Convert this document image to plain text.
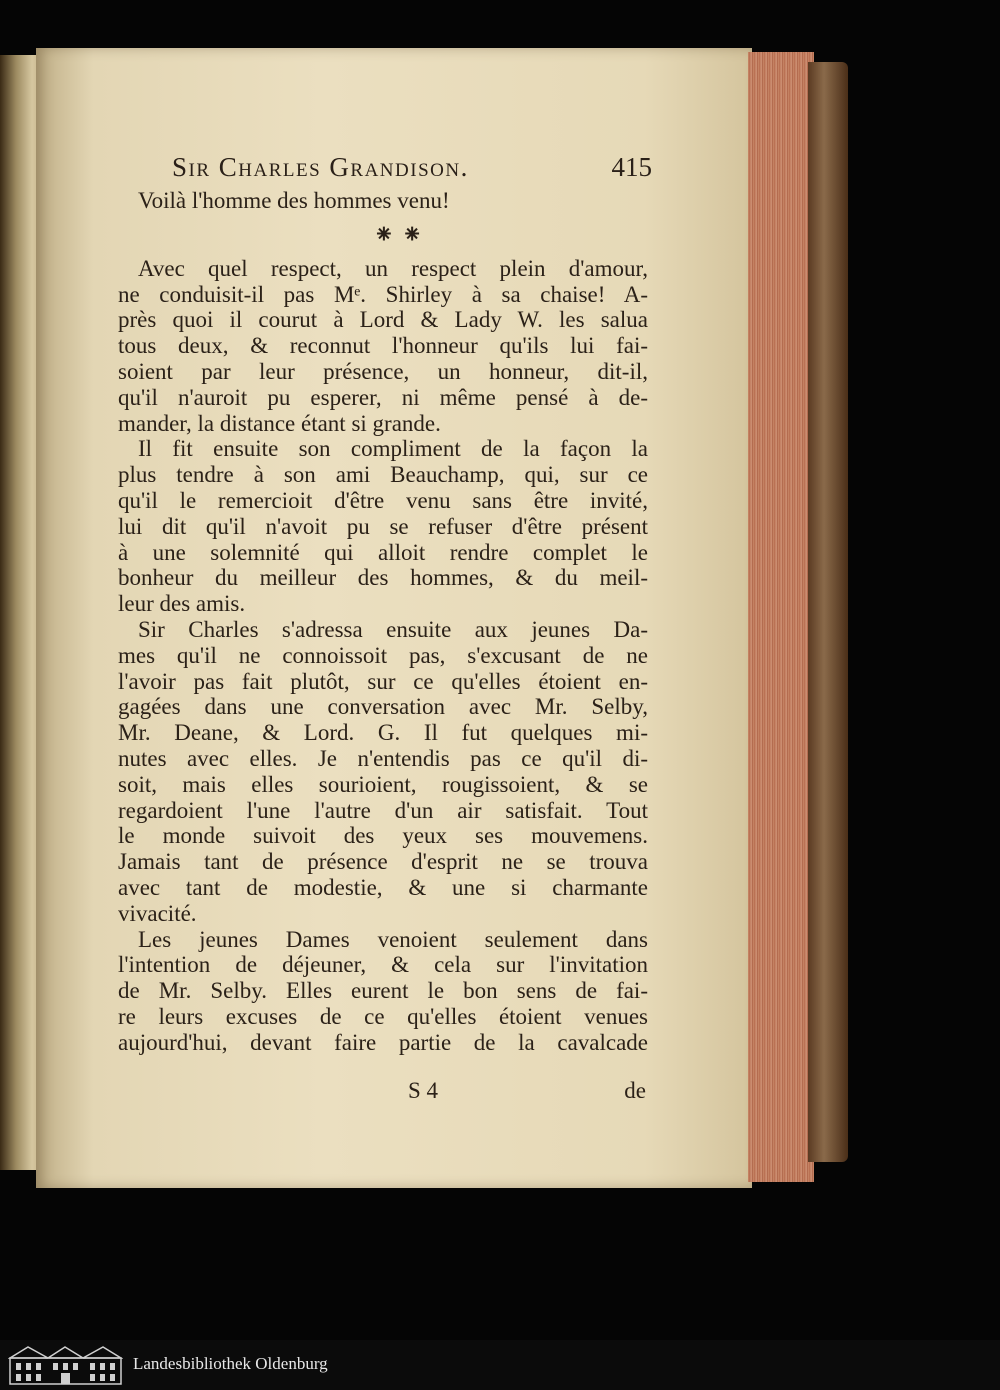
Sir Charles Grandison.	415
Voilà l'homme des hommes venu!
⁕ ⁕
Avec quel respect, un respect plein d'amour,
ne conduisit-il pas Mᵉ. Shirley à sa chaise! A-
près quoi il courut à Lord & Lady W. les salua
tous deux, & reconnut l'honneur qu'ils lui fai-
soient par leur présence, un honneur, dit-il,
qu'il n'auroit pu esperer, ni même pensé à de-
mander, la distance étant si grande.
Il fit ensuite son compliment de la façon la
plus tendre à son ami Beauchamp, qui, sur ce
qu'il le remercioit d'être venu sans être invité,
lui dit qu'il n'avoit pu se refuser d'être présent
à une solemnité qui alloit rendre complet le
bonheur du meilleur des hommes, & du meil-
leur des amis.
Sir Charles s'adressa ensuite aux jeunes Da-
mes qu'il ne connoissoit pas, s'excusant de ne
l'avoir pas fait plutôt, sur ce qu'elles étoient en-
gagées dans une conversation avec Mr. Selby,
Mr. Deane, & Lord. G. Il fut quelques mi-
nutes avec elles. Je n'entendis pas ce qu'il di-
soit, mais elles sourioient, rougissoient, & se
regardoient l'une l'autre d'un air satisfait. Tout
le monde suivoit des yeux ses mouvemens.
Jamais tant de présence d'esprit ne se trouva
avec tant de modestie, & une si charmante
vivacité.
Les jeunes Dames venoient seulement dans
l'intention de déjeuner, & cela sur l'invitation
de Mr. Selby. Elles eurent le bon sens de fai-
re leurs excuses de ce qu'elles étoient venues
aujourd'hui, devant faire partie de la cavalcade
S 4	de
Landesbibliothek Oldenburg
